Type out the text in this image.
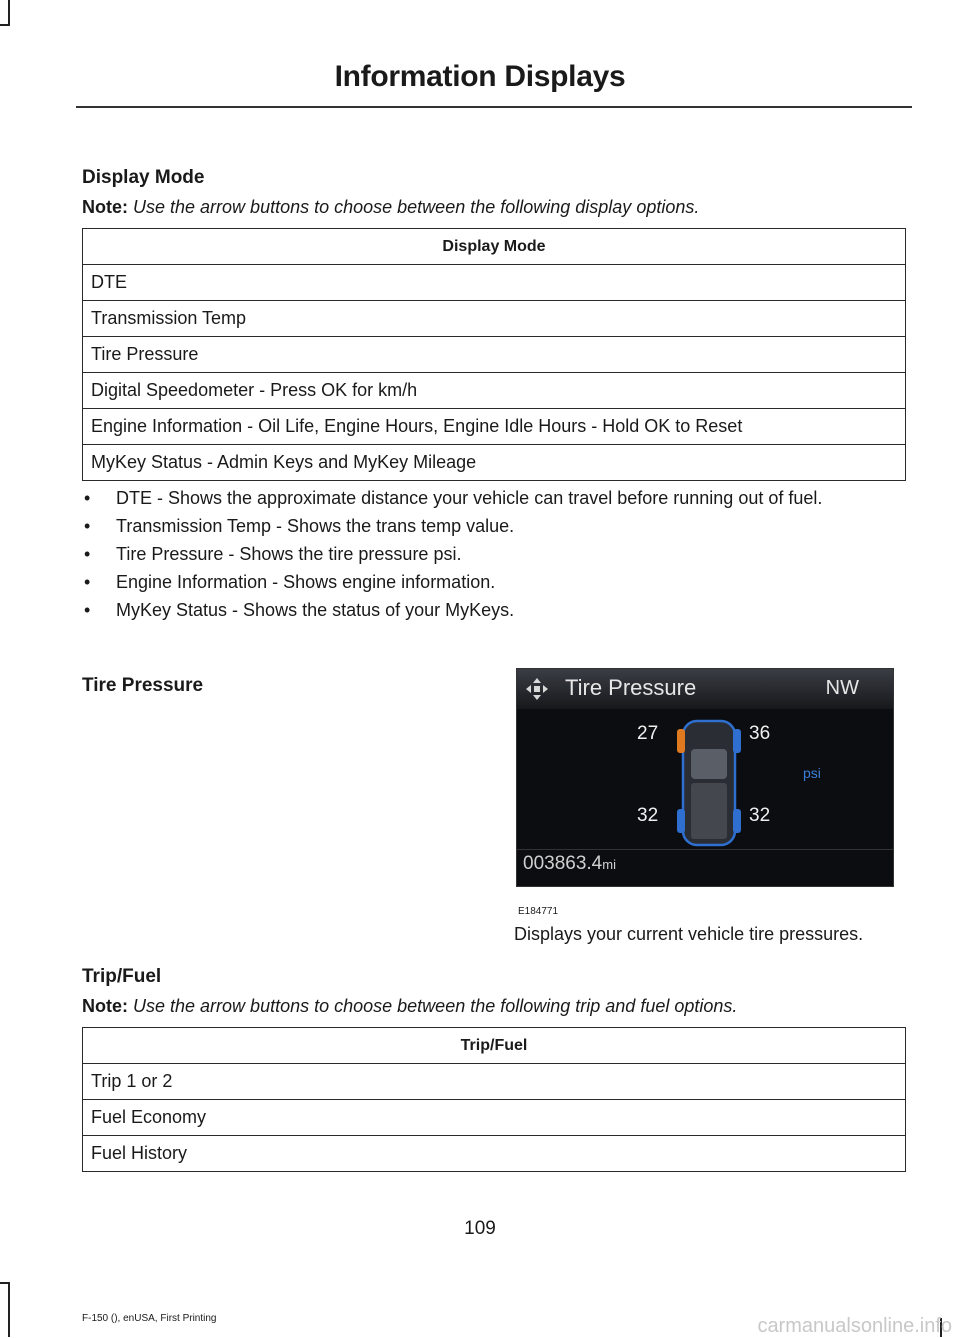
Information Displays
Display Mode
Note: Use the arrow buttons to choose between the following display options.
Display Mode
DTE
Transmission Temp
Tire Pressure
Digital Speedometer - Press OK for km/h
Engine Information - Oil Life, Engine Hours, Engine Idle Hours - Hold OK to Reset
MyKey Status - Admin Keys and MyKey Mileage
• DTE - Shows the approximate distance your vehicle can travel before running out of fuel.
• Transmission Temp - Shows the trans temp value.
• Tire Pressure - Shows the tire pressure psi.
• Engine Information - Shows engine information.
• MyKey Status - Shows the status of your MyKeys.
Tire Pressure	Tire Pressure	NW
27	36
32	32
psi
003863.4mi
E184771
Displays your current vehicle tire pressures.
Trip/Fuel
Note: Use the arrow buttons to choose between the following trip and fuel options.
Trip/Fuel
Trip 1 or 2
Fuel Economy
Fuel History
109
F-150 (), enUSA, First Printing	carmanualsonline.info
